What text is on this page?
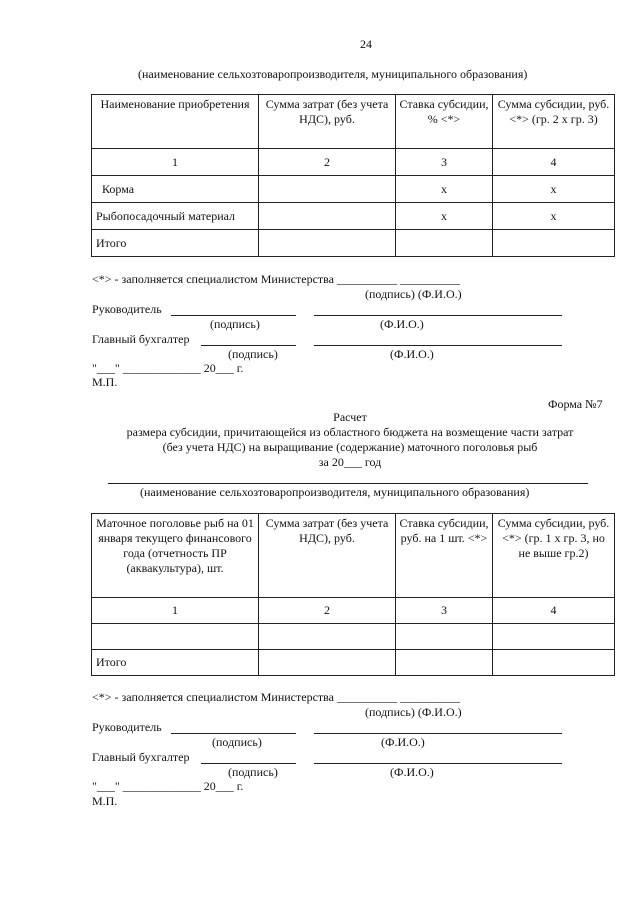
24
(наименование сельхозтоваропроизводителя, муниципального образования)
Наименование приобретения	Сумма затрат (без учета НДС), руб.	Ставка субсидии, % <*>	Сумма субсидии, руб. <*> (гр. 2 х гр. 3)
1	2	3	4
Корма		х	х
Рыбопосадочный материал		х	х
Итого			
<*> - заполняется специалистом Министерства __________ __________
(подпись) (Ф.И.О.)
Руководитель
(подпись)	(Ф.И.О.)
Главный бухгалтер
(подпись)	(Ф.И.О.)
"___" _____________ 20___ г.
М.П.
Форма №7
Расчет
размера субсидии, причитающейся из областного бюджета на возмещение части затрат
(без учета НДС) на выращивание (содержание) маточного поголовья рыб
за 20___ год
(наименование сельхозтоваропроизводителя, муниципального образования)
Маточное поголовье рыб на 01 января текущего финансового года (отчетность ПР (аквакультура), шт.	Сумма затрат (без учета НДС), руб.	Ставка субсидии, руб. на 1 шт. <*>	Сумма субсидии, руб. <*> (гр. 1 х гр. 3, но не выше гр.2)
1	2	3	4

Итого			
<*> - заполняется специалистом Министерства __________ __________
(подпись) (Ф.И.О.)
Руководитель
(подпись)	(Ф.И.О.)
Главный бухгалтер
(подпись)	(Ф.И.О.)
"___" _____________ 20___ г.
М.П.
